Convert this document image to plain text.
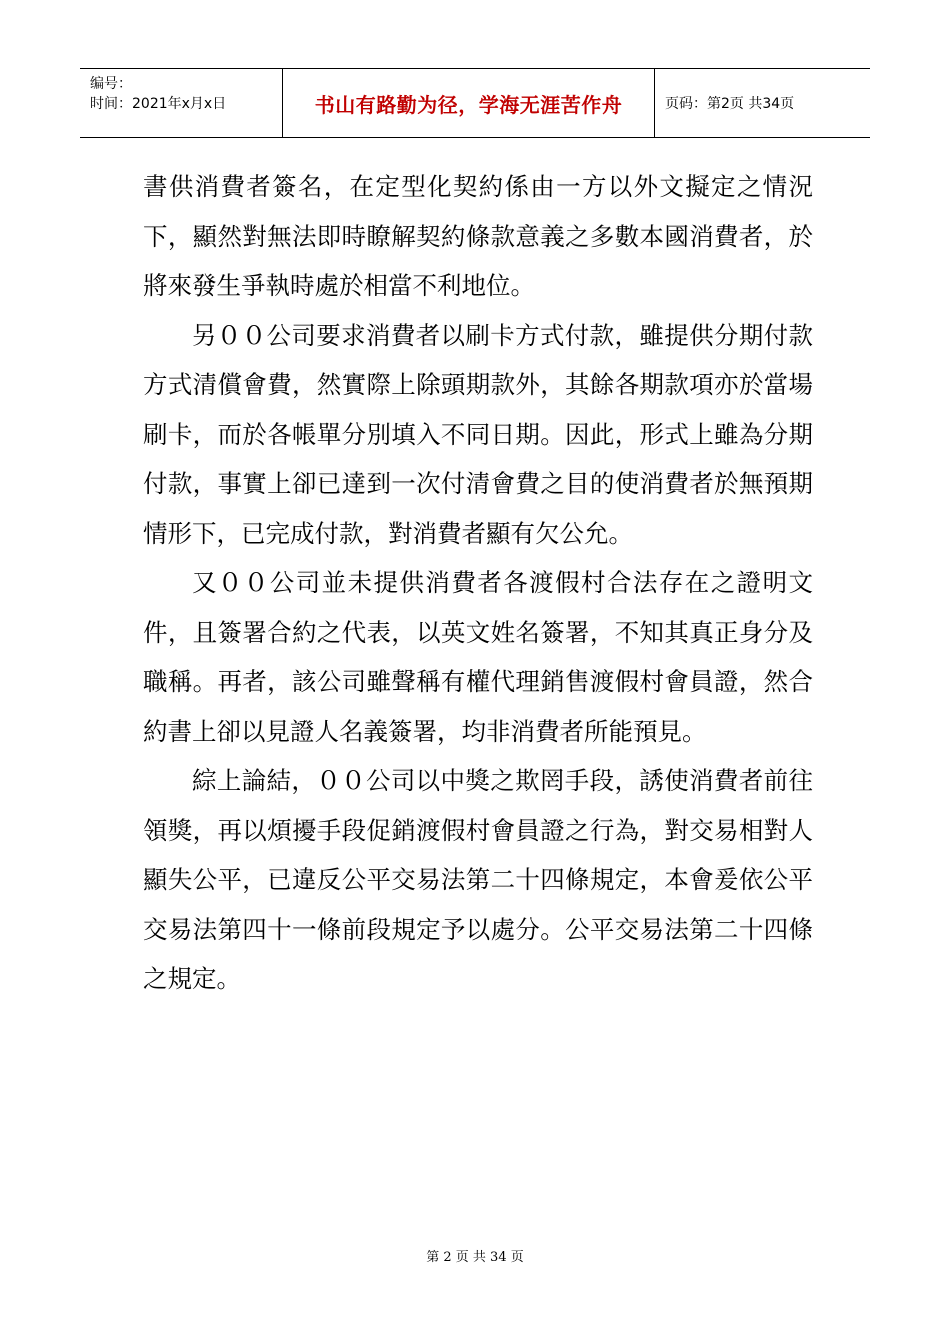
编号：
时间：2021年x月x日	书山有路勤为径，学海无涯苦作舟	页码：第2页 共34页

書供消費者簽名，在定型化契約係由一方以外文擬定之情況下，顯然對無法即時瞭解契約條款意義之多數本國消費者，於將來發生爭執時處於相當不利地位。

另００公司要求消費者以刷卡方式付款，雖提供分期付款方式清償會費，然實際上除頭期款外，其餘各期款項亦於當場刷卡，而於各帳單分別填入不同日期。因此，形式上雖為分期付款，事實上卻已達到一次付清會費之目的使消費者於無預期情形下，已完成付款，對消費者顯有欠公允。

又００公司並未提供消費者各渡假村合法存在之證明文件，且簽署合約之代表，以英文姓名簽署，不知其真正身分及職稱。再者，該公司雖聲稱有權代理銷售渡假村會員證，然合約書上卻以見證人名義簽署，均非消費者所能預見。

綜上論結，００公司以中獎之欺罔手段，誘使消費者前往領獎，再以煩擾手段促銷渡假村會員證之行為，對交易相對人顯失公平，已違反公平交易法第二十四條規定，本會爰依公平交易法第四十一條前段規定予以處分。公平交易法第二十四條之規定。

第 2 页 共 34 页
